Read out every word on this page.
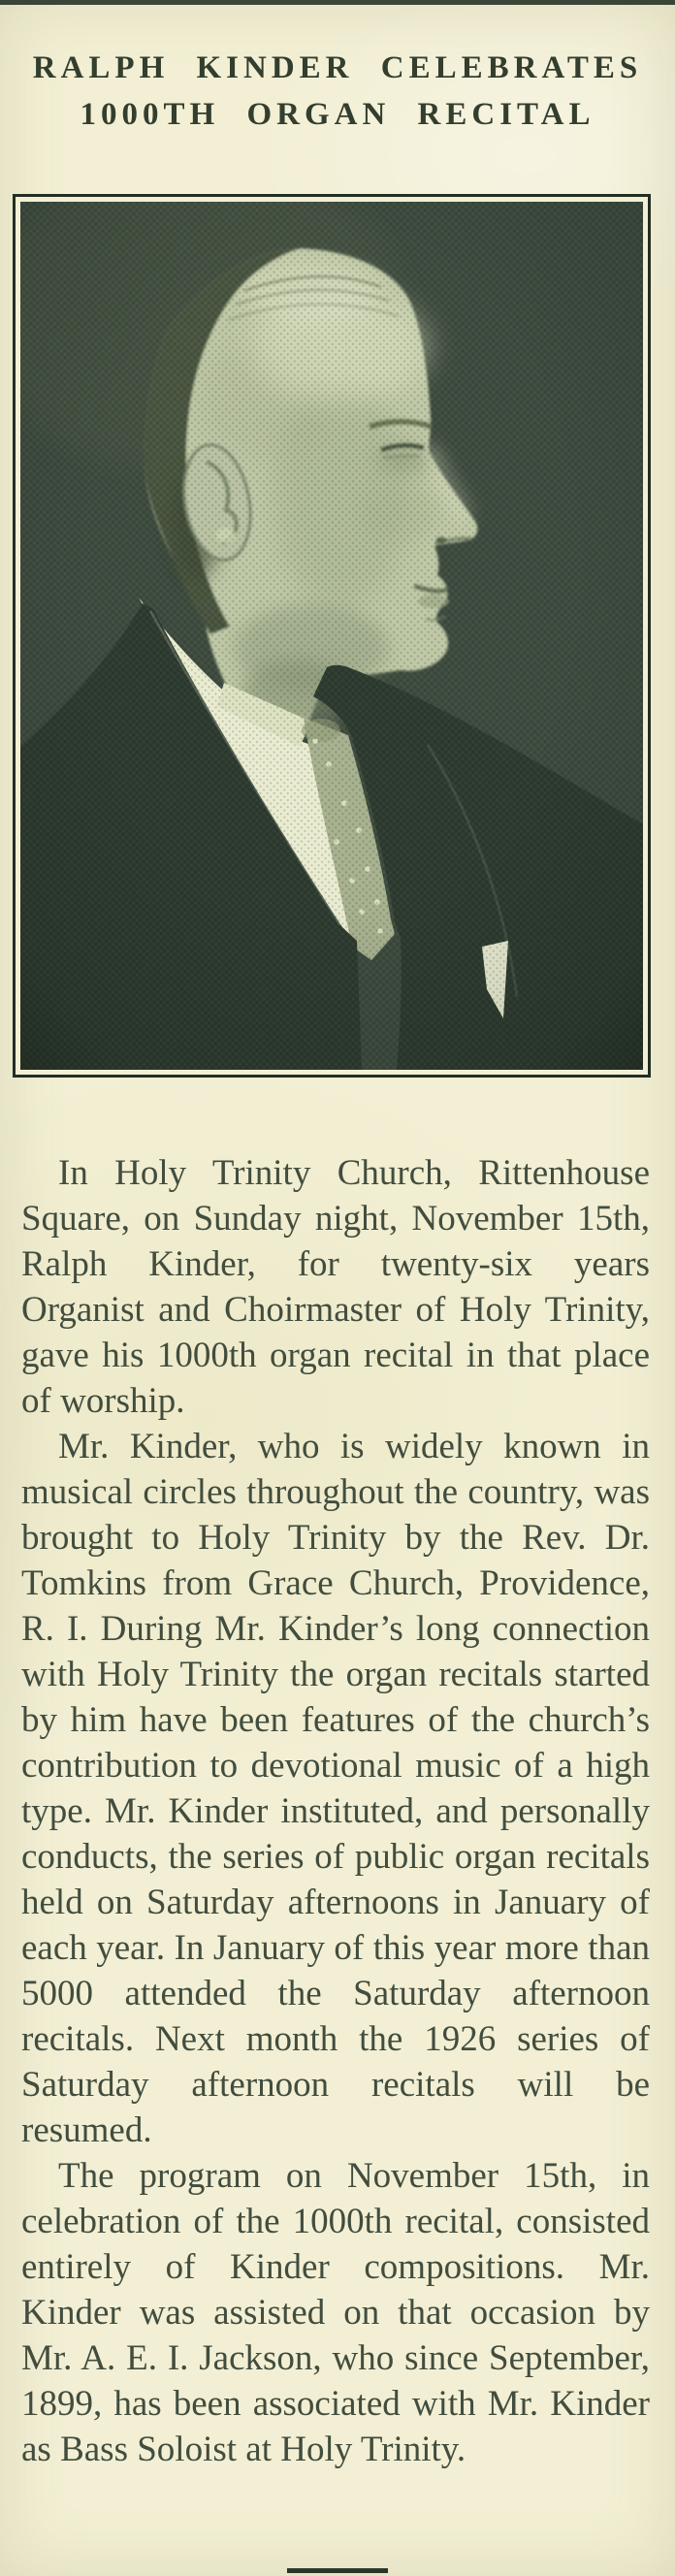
RALPH KINDER CELEBRATES
1000TH ORGAN RECITAL

In Holy Trinity Church, Rittenhouse Square, on Sunday night, November 15th, Ralph Kinder, for twenty-six years Organist and Choirmaster of Holy Trinity, gave his 1000th organ recital in that place of worship.

Mr. Kinder, who is widely known in musical circles throughout the country, was brought to Holy Trinity by the Rev. Dr. Tomkins from Grace Church, Providence, R. I. During Mr. Kinder’s long connection with Holy Trinity the organ recitals started by him have been features of the church’s contribution to devotional music of a high type. Mr. Kinder instituted, and personally conducts, the series of public organ recitals held on Saturday afternoons in January of each year. In January of this year more than 5000 attended the Saturday afternoon recitals. Next month the 1926 series of Saturday afternoon recitals will be resumed.

The program on November 15th, in celebration of the 1000th recital, consisted entirely of Kinder compositions. Mr. Kinder was assisted on that occasion by Mr. A. E. I. Jackson, who since September, 1899, has been associated with Mr. Kinder as Bass Soloist at Holy Trinity.
